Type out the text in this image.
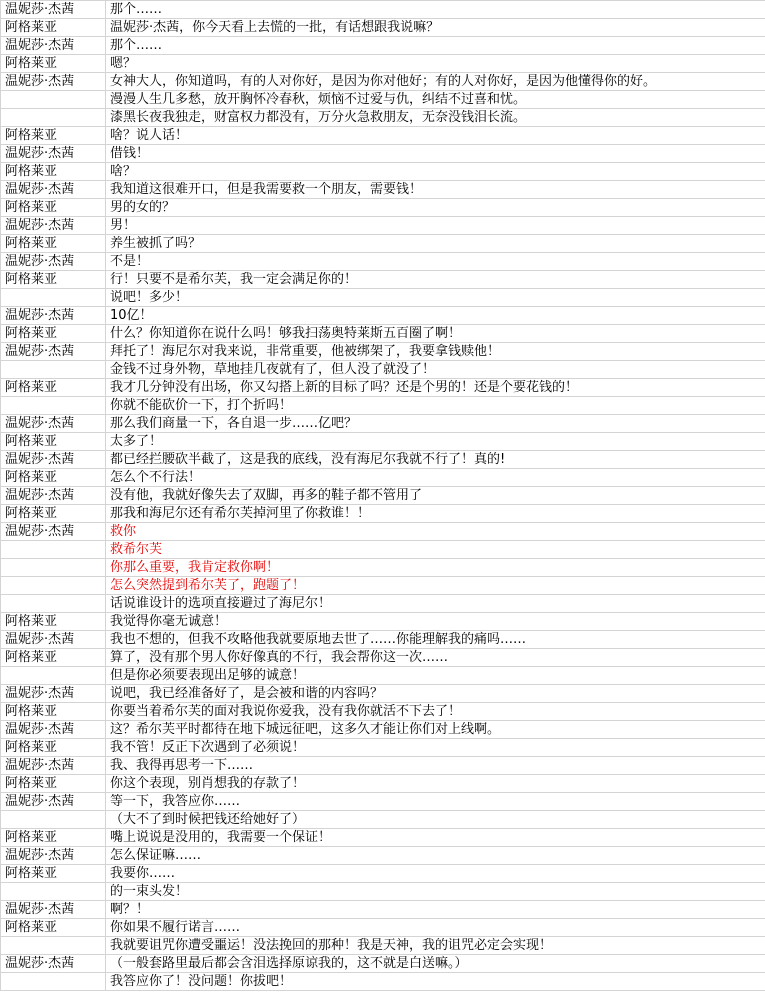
温妮莎·杰茜	那个……
阿格莱亚	温妮莎·杰茜，你今天看上去慌的一批，有话想跟我说嘛？
温妮莎·杰茜	那个……
阿格莱亚	嗯？
温妮莎·杰茜	女神大人，你知道吗，有的人对你好，是因为你对他好；有的人对你好，是因为他懂得你的好。
	漫漫人生几多愁，放开胸怀冷春秋，烦恼不过爱与仇，纠结不过喜和忧。
	漆黑长夜我独走，财富权力都没有，万分火急救朋友，无奈没钱泪长流。
阿格莱亚	啥？说人话！
温妮莎·杰茜	借钱！
阿格莱亚	啥？
温妮莎·杰茜	我知道这很难开口，但是我需要救一个朋友，需要钱！
阿格莱亚	男的女的？
温妮莎·杰茜	男！
阿格莱亚	养生被抓了吗？
温妮莎·杰茜	不是！
阿格莱亚	行！只要不是希尔芙，我一定会满足你的！
	说吧！多少！
温妮莎·杰茜	10亿！
阿格莱亚	什么？你知道你在说什么吗！够我扫荡奥特莱斯五百圈了啊！
温妮莎·杰茜	拜托了！海尼尔对我来说，非常重要，他被绑架了，我要拿钱赎他！
	金钱不过身外物，草地挂几夜就有了，但人没了就没了！
阿格莱亚	我才几分钟没有出场，你又勾搭上新的目标了吗？还是个男的！还是个要花钱的！
	你就不能砍价一下，打个折吗！
温妮莎·杰茜	那么我们商量一下，各自退一步……亿吧？
阿格莱亚	太多了！
温妮莎·杰茜	都已经拦腰砍半截了，这是我的底线，没有海尼尔我就不行了！真的!
阿格莱亚	怎么个不行法！
温妮莎·杰茜	没有他，我就好像失去了双脚，再多的鞋子都不管用了
阿格莱亚	那我和海尼尔还有希尔芙掉河里了你救谁！！
温妮莎·杰茜	救你
	救希尔芙
	你那么重要，我肯定救你啊！
	怎么突然提到希尔芙了，跑题了！
	话说谁设计的选项直接避过了海尼尔！
阿格莱亚	我觉得你毫无诚意！
温妮莎·杰茜	我也不想的，但我不攻略他我就要原地去世了……你能理解我的痛吗……
阿格莱亚	算了，没有那个男人你好像真的不行，我会帮你这一次……
	但是你必须要表现出足够的诚意！
温妮莎·杰茜	说吧，我已经准备好了，是会被和谐的内容吗？
阿格莱亚	你要当着希尔芙的面对我说你爱我，没有我你就活不下去了！
温妮莎·杰茜	这？希尔芙平时都待在地下城远征吧，这多久才能让你们对上线啊。
阿格莱亚	我不管！反正下次遇到了必须说！
温妮莎·杰茜	我、我得再思考一下……
阿格莱亚	你这个表现，别肖想我的存款了！
温妮莎·杰茜	等一下，我答应你……
	（大不了到时候把钱还给她好了）
阿格莱亚	嘴上说说是没用的，我需要一个保证！
温妮莎·杰茜	怎么保证嘛……
阿格莱亚	我要你……
	的一束头发！
温妮莎·杰茜	啊？！
阿格莱亚	你如果不履行诺言……
	我就要诅咒你遭受噩运！没法挽回的那种！我是天神，我的诅咒必定会实现！
温妮莎·杰茜	（一般套路里最后都会含泪选择原谅我的，这不就是白送嘛。）
	我答应你了！没问题！你拔吧！
